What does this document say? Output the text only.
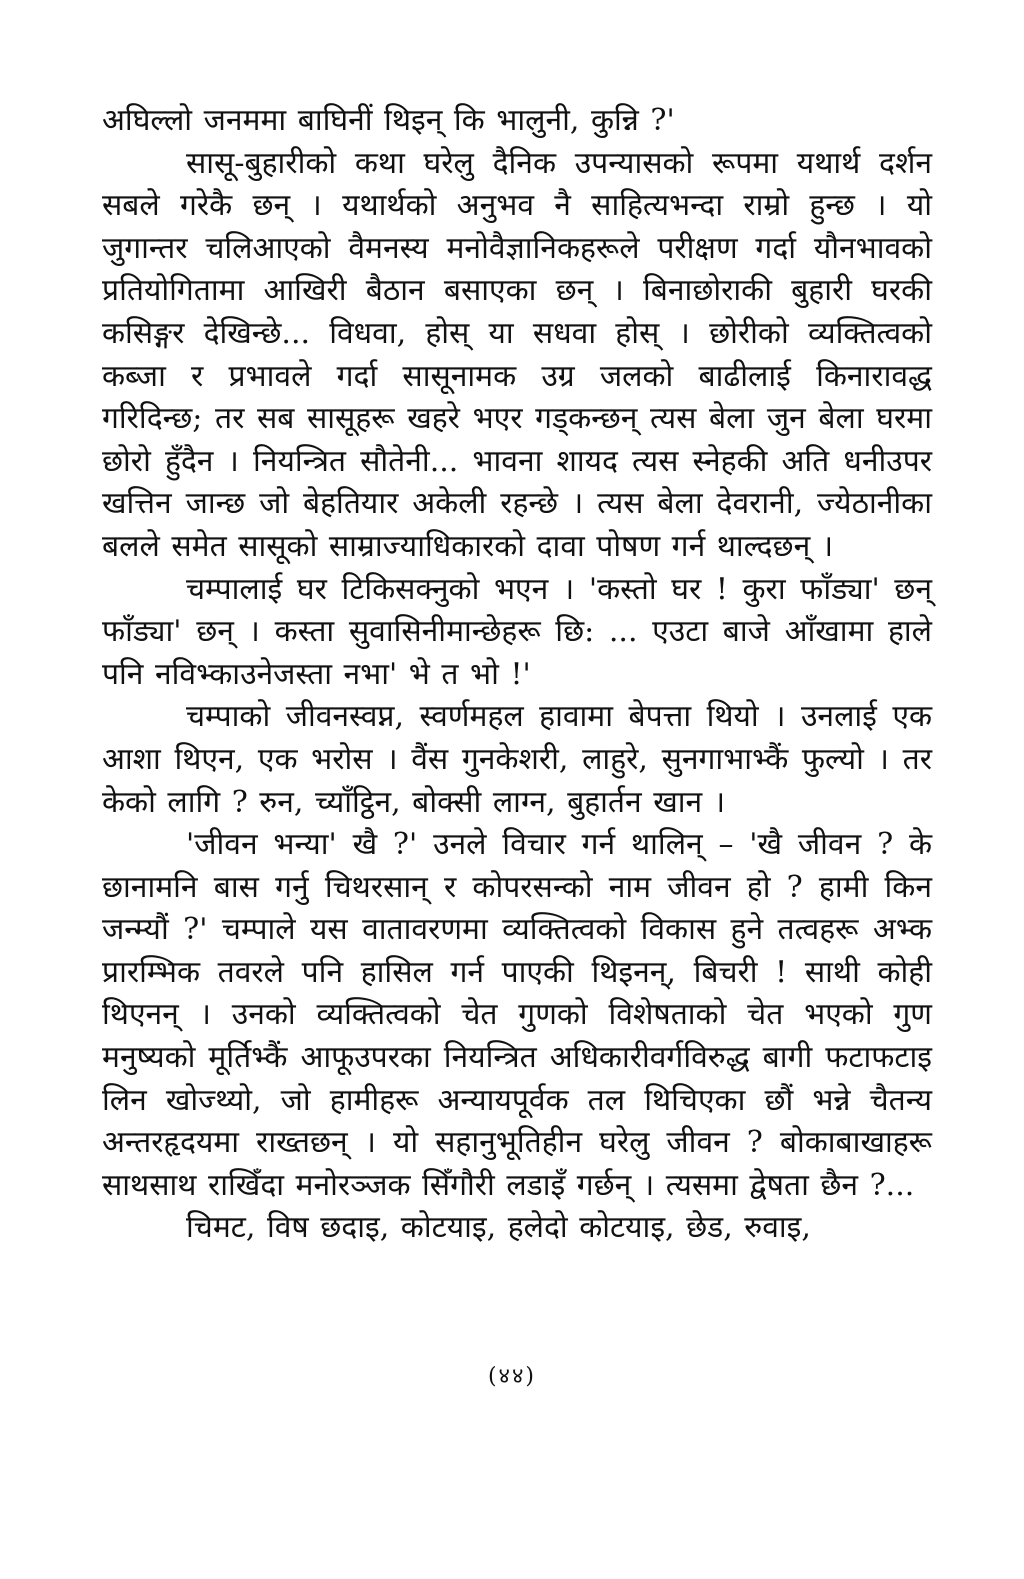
अघिल्लो जनममा बाघिनीं थिइन् कि भालुनी, कुन्नि ?'

सासू-बुहारीको कथा घरेलु दैनिक उपन्यासको रूपमा यथार्थ दर्शन सबले गरेकै छन् । यथार्थको अनुभव नै साहित्यभन्दा राम्रो हुन्छ । यो जुगान्तर चलिआएको वैमनस्य मनोवैज्ञानिकहरूले परीक्षण गर्दा यौनभावको प्रतियोगितामा आखिरी बैठान बसाएका छन् । बिनाछोराकी बुहारी घरकी कसिङ्गर देखिन्छे... विधवा, होस् या सधवा होस् । छोरीको व्यक्तित्वको कब्जा र प्रभावले गर्दा सासूनामक उग्र जलको बाढीलाई किनारावद्ध गरिदिन्छ; तर सब सासूहरू खहरे भएर गड्कन्छन् त्यस बेला जुन बेला घरमा छोरो हुँदैन । नियन्त्रित सौतेनी... भावना शायद त्यस स्नेहकी अति धनीउपर खत्तिन जान्छ जो बेहतियार अकेली रहन्छे । त्यस बेला देवरानी, ज्येठानीका बलले समेत सासूको साम्राज्याधिकारको दावा पोषण गर्न थाल्दछन् ।

चम्पालाई घर टिकिसक्नुको भएन । 'कस्तो घर ! कुरा फाँड्या' छन् फाँड्या' छन् । कस्ता सुवासिनीमान्छेहरू छि: ... एउटा बाजे आँखामा हाले पनि नविभ्काउनेजस्ता नभा' भे त भो !'

चम्पाको जीवनस्वप्न, स्वर्णमहल हावामा बेपत्ता थियो । उनलाई एक आशा थिएन, एक भरोस । वैंस गुनकेशरी, लाहुरे, सुनगाभाभ्कैं फुल्यो । तर केको लागि ? रुन, च्याँट्ठिन, बोक्सी लाग्न, बुहार्तन खान ।

'जीवन भन्या' खै ?' उनले विचार गर्न थालिन् – 'खै जीवन ? के छानामनि बास गर्नु चिथरसान् र कोपरसन्को नाम जीवन हो ? हामी किन जन्म्यौं ?' चम्पाले यस वातावरणमा व्यक्तित्वको विकास हुने तत्वहरू अभ्क प्रारम्भिक तवरले पनि हासिल गर्न पाएकी थिइनन्, बिचरी ! साथी कोही थिएनन् । उनको व्यक्तित्वको चेत गुणको विशेषताको चेत भएको गुण मनुष्यको मूर्तिभ्कैं आफूउपरका नियन्त्रित अधिकारीवर्गविरुद्ध बागी फटाफटाइ लिन खोज्थ्यो, जो हामीहरू अन्यायपूर्वक तल थिचिएका छौं भन्ने चैतन्य अन्तरहृदयमा राख्तछन् । यो सहानुभूतिहीन घरेलु जीवन ? बोकाबाखाहरू साथसाथ राखिँदा मनोरञ्जक सिँगौरी लडाइँ गर्छन् । त्यसमा द्वेषता छैन ?...

चिमट, विष छदाइ, कोटयाइ, हलेदो कोटयाइ, छेड, रुवाइ,

(४४)
